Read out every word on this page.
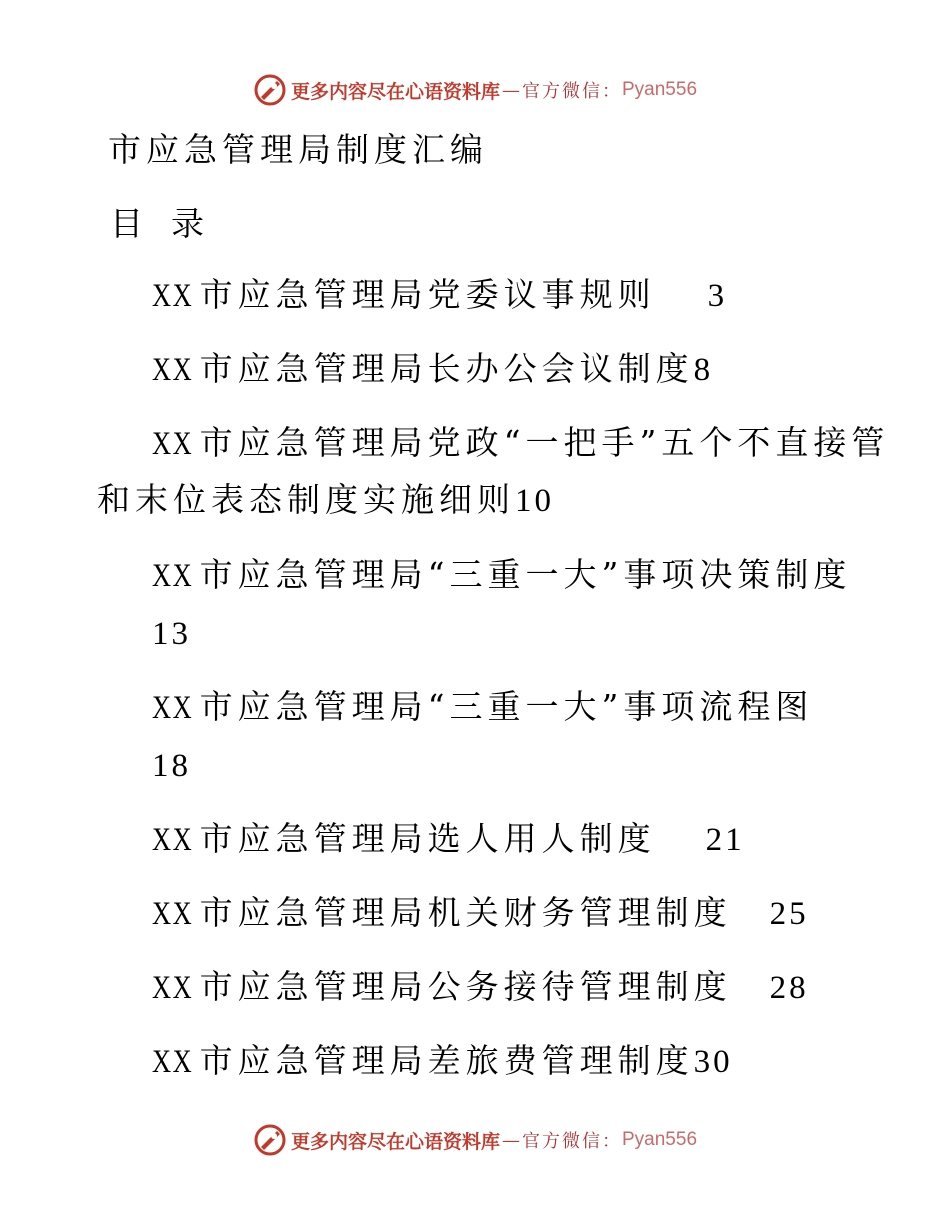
更多内容尽在心语资料库 — 官方微信： Pyan556
市应急管理局制度汇编
目录
XX 市应急管理局党委议事规则 3
XX 市应急管理局长办公会议制度8
XX 市应急管理局党政“一把手”五个不直接管
和末位表态制度实施细则10
XX 市应急管理局“三重一大”事项决策制度
13
XX 市应急管理局“三重一大”事项流程图
18
XX 市应急管理局选人用人制度 21
XX 市应急管理局机关财务管理制度 25
XX 市应急管理局公务接待管理制度 28
XX 市应急管理局差旅费管理制度30
更多内容尽在心语资料库 — 官方微信： Pyan556
